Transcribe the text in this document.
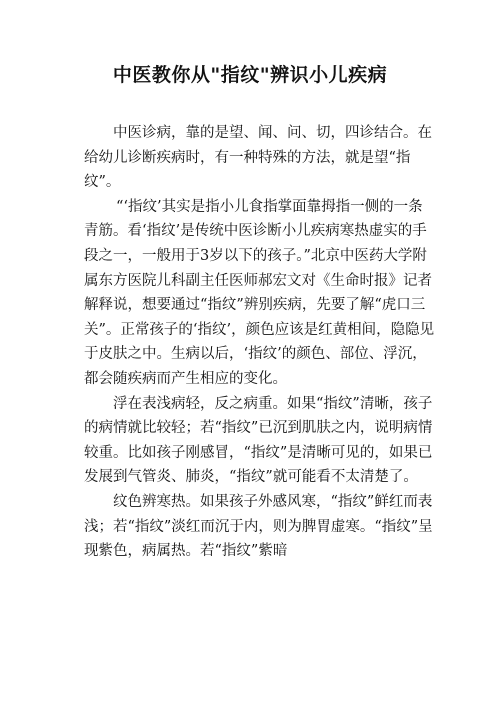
中医教你从"指纹"辨识小儿疾病

中医诊病，靠的是望、闻、问、切，四诊结合。在给幼儿诊断疾病时，有一种特殊的方法，就是望“指纹”。

“‘指纹’其实是指小儿食指掌面靠拇指一侧的一条青筋。看‘指纹’是传统中医诊断小儿疾病寒热虚实的手段之一，一般用于3岁以下的孩子。”北京中医药大学附属东方医院儿科副主任医师郝宏文对《生命时报》记者解释说，想要通过“指纹”辨别疾病，先要了解“虎口三关”。正常孩子的‘指纹’，颜色应该是红黄相间，隐隐见于皮肤之中。生病以后，‘指纹’的颜色、部位、浮沉，都会随疾病而产生相应的变化。

浮在表浅病轻，反之病重。如果“指纹”清晰，孩子的病情就比较轻；若“指纹”已沉到肌肤之内，说明病情较重。比如孩子刚感冒，“指纹”是清晰可见的，如果已发展到气管炎、肺炎，“指纹”就可能看不太清楚了。

纹色辨寒热。如果孩子外感风寒，“指纹”鲜红而表浅；若“指纹”淡红而沉于内，则为脾胃虚寒。“指纹”呈现紫色，病属热。若“指纹”紫暗
